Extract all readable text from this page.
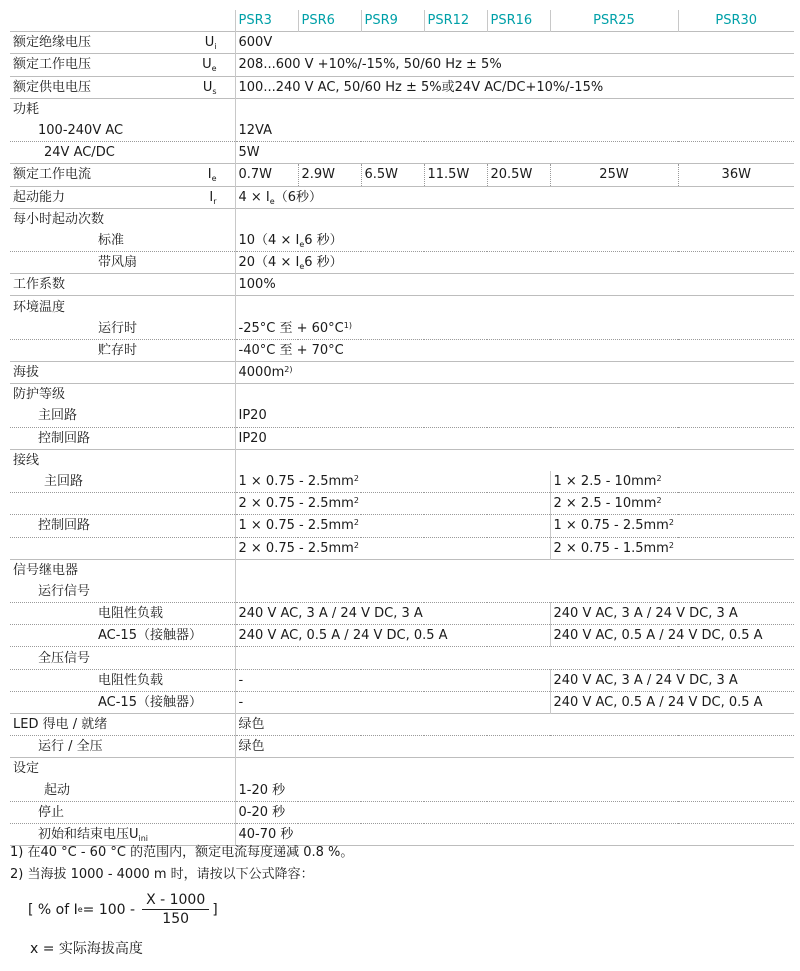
	PSR3	PSR6	PSR9	PSR12	PSR16	PSR25	PSR30
额定绝缘电压 $U_i$	600V						
额定工作电压 $U_e$	208...600 V +10%/-15%, 50/60 Hz ± 5%						
额定供电电压 $U_s$	100...240 V AC, 50/60 Hz ± 5%或24V AC/DC+10%/-15%						
功耗							
100-240V AC	12VA						
24V AC/DC	5W						
额定工作电流 $I_e$	0.7W	2.9W	6.5W	11.5W	20.5W	25W	36W
起动能力 $I_r$	$4 \times I_e(6$秒）						
每小时起动次数							
标准	$10(4 \times I_e6$ 秒）						
带风扇	$20(4 \times I_e6$ 秒）						
工作系数	100%						
环境温度							
运行时	-25°C 至 + $60^\circ C^{1)}$
贮存时	-40°C 至 + 70°C						
海拔	$4000m^{2)}$
防护等级							
主回路	IP20						
控制回路	IP20						
接线							
主回路	$1 \times 0.75 - 2.5mm^2$					$1 \times 2.5 - 10mm^2$
	$2 \times 0.75 - 2.5mm^2$					$2 \times 2.5 - 10mm^2$
控制回路	$1 \times 0.75 - 2.5mm^2$					$1 \times 0.75 - 2.5mm^2$
	$2 \times 0.75 - 2.5mm^2$					$2 \times 0.75 - 1.5mm^2$
信号继电器							
运行信号							
电阻性负载	240 V AC, 3 A / 24 V DC, 3 A					240 V AC, 3 A / 24 V DC, 3 A	
AC-15（接触器）	240 V AC, 0.5 A / 24 V DC, 0.5 A					240 V AC, 0.5 A / 24 V DC, 0.5 A	
全压信号							
电阻性负载	-					240 V AC, 3 A / 24 V DC, 3 A	
AC-15（接触器）	-					240 V AC, 0.5 A / 24 V DC, 0.5 A	
LED 得电 / 就绪	绿色						
运行 / 全压	绿色						
设定							
起动	1-20 秒						
停止	0-20 秒						
初始和结束电压$U_{ini}$	40-70 秒						
1) 在40 °C - 60 °C 的范围内，额定电流每度递减 0.8 %。
2) 当海拔 1000 - 4000 m 时，请按以下公式降容：
[ % of I $e = 100 - \frac{X - 1000}{150}$ ]
x = 实际海拔高度
